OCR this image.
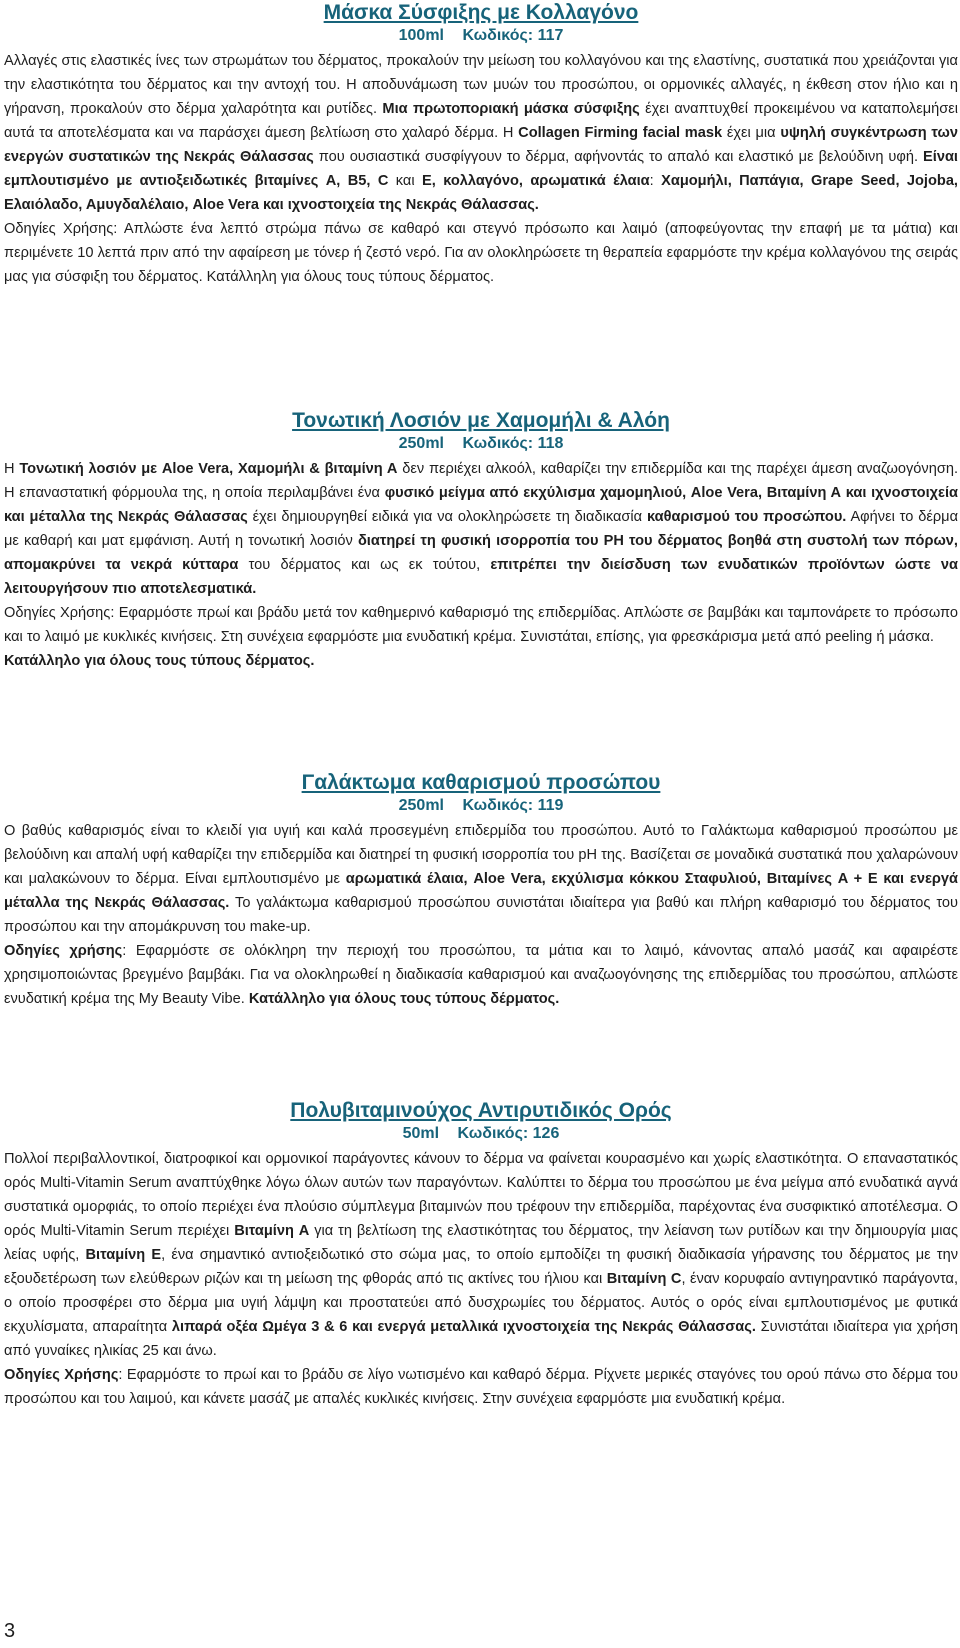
Μάσκα Σύσφιξης με Κολλαγόνο
100ml Κωδικός: 117

Αλλαγές στις ελαστικές ίνες των στρωμάτων του δέρματος, προκαλούν την μείωση του κολλαγόνου και της ελαστίνης, συστατικά που χρειάζονται για την ελαστικότητα του δέρματος και την αντοχή του. Η αποδυνάμωση των μυών του προσώπου, οι ορμονικές αλλαγές, η έκθεση στον ήλιο και η γήρανση, προκαλούν στο δέρμα χαλαρότητα και ρυτίδες. Μια πρωτοποριακή μάσκα σύσφιξης έχει αναπτυχθεί προκειμένου να καταπολεμήσει αυτά τα αποτελέσματα και να παράσχει άμεση βελτίωση στο χαλαρό δέρμα. Η Collagen Firming facial mask έχει μια υψηλή συγκέντρωση των ενεργών συστατικών της Νεκράς Θάλασσας που ουσιαστικά συσφίγγουν το δέρμα, αφήνοντάς το απαλό και ελαστικό με βελούδινη υφή. Είναι εμπλουτισμένο με αντιοξειδωτικές βιταμίνες A, B5, C και E, κολλαγόνο, αρωματικά έλαια: Χαμομήλι, Παπάγια, Grape Seed, Jojoba, Ελαιόλαδο, Αμυγδαλέλαιο, Aloe Vera και ιχνοστοιχεία της Νεκράς Θάλασσας.

Οδηγίες Χρήσης: Απλώστε ένα λεπτό στρώμα πάνω σε καθαρό και στεγνό πρόσωπο και λαιμό (αποφεύγοντας την επαφή με τα μάτια) και περιμένετε 10 λεπτά πριν από την αφαίρεση με τόνερ ή ζεστό νερό. Για αν ολοκληρώσετε τη θεραπεία εφαρμόστε την κρέμα κολλαγόνου της σειράς μας για σύσφιξη του δέρματος. Κατάλληλη για όλους τους τύπους δέρματος.

Τονωτική Λοσιόν με Χαμομήλι & Αλόη
250ml Κωδικός: 118

Η Τονωτική λοσιόν με Aloe Vera, Χαμομήλι & βιταμίνη Α δεν περιέχει αλκοόλ, καθαρίζει την επιδερμίδα και της παρέχει άμεση αναζωογόνηση. Η επαναστατική φόρμουλα της, η οποία περιλαμβάνει ένα φυσικό μείγμα από εκχύλισμα χαμομηλιού, Aloe Vera, Βιταμίνη Α και ιχνοστοιχεία και μέταλλα της Νεκράς Θάλασσας έχει δημιουργηθεί ειδικά για να ολοκληρώσετε τη διαδικασία καθαρισμού του προσώπου. Αφήνει το δέρμα με καθαρή και ματ εμφάνιση. Αυτή η τονωτική λοσιόν διατηρεί τη φυσική ισορροπία του PH του δέρματος βοηθά στη συστολή των πόρων, απομακρύνει τα νεκρά κύτταρα του δέρματος και ως εκ τούτου, επιτρέπει την διείσδυση των ενυδατικών προϊόντων ώστε να λειτουργήσουν πιο αποτελεσματικά.

Οδηγίες Χρήσης: Εφαρμόστε πρωί και βράδυ μετά τον καθημερινό καθαρισμό της επιδερμίδας. Απλώστε σε βαμβάκι και ταμπονάρετε το πρόσωπο και το λαιμό με κυκλικές κινήσεις. Στη συνέχεια εφαρμόστε μια ενυδατική κρέμα. Συνιστάται, επίσης, για φρεσκάρισμα μετά από peeling ή μάσκα.
Κατάλληλο για όλους τους τύπους δέρματος.

Γαλάκτωμα καθαρισμού προσώπου
250ml Κωδικός: 119

Ο βαθύς καθαρισμός είναι το κλειδί για υγιή και καλά προσεγμένη επιδερμίδα του προσώπου. Αυτό το Γαλάκτωμα καθαρισμού προσώπου με βελούδινη και απαλή υφή καθαρίζει την επιδερμίδα και διατηρεί τη φυσική ισορροπία του pH της. Βασίζεται σε μοναδικά συστατικά που χαλαρώνουν και μαλακώνουν το δέρμα. Είναι εμπλουτισμένο με αρωματικά έλαια, Aloe Vera, εκχύλισμα κόκκου Σταφυλιού, Βιταμίνες A + E και ενεργά μέταλλα της Νεκράς Θάλασσας. Το γαλάκτωμα καθαρισμού προσώπου συνιστάται ιδιαίτερα για βαθύ και πλήρη καθαρισμό του δέρματος του προσώπου και την απομάκρυνση του make-up.

Οδηγίες χρήσης: Εφαρμόστε σε ολόκληρη την περιοχή του προσώπου, τα μάτια και το λαιμό, κάνοντας απαλό μασάζ και αφαιρέστε χρησιμοποιώντας βρεγμένο βαμβάκι. Για να ολοκληρωθεί η διαδικασία καθαρισμού και αναζωογόνησης της επιδερμίδας του προσώπου, απλώστε ενυδατική κρέμα της My Beauty Vibe. Κατάλληλο για όλους τους τύπους δέρματος.

Πολυβιταμινούχος Αντιρυτιδικός Ορός
50ml Κωδικός: 126

Πολλοί περιβαλλοντικοί, διατροφικοί και ορμονικοί παράγοντες κάνουν το δέρμα να φαίνεται κουρασμένο και χωρίς ελαστικότητα. Ο επαναστατικός ορός Multi-Vitamin Serum αναπτύχθηκε λόγω όλων αυτών των παραγόντων. Καλύπτει το δέρμα του προσώπου με ένα μείγμα από ενυδατικά αγνά συστατικά ομορφιάς, το οποίο περιέχει ένα πλούσιο σύμπλεγμα βιταμινών που τρέφουν την επιδερμίδα, παρέχοντας ένα συσφικτικό αποτέλεσμα. Ο ορός Multi-Vitamin Serum περιέχει Βιταμίνη A για τη βελτίωση της ελαστικότητας του δέρματος, την λείανση των ρυτίδων και την δημιουργία μιας λείας υφής, Βιταμίνη E, ένα σημαντικό αντιοξειδωτικό στο σώμα μας, το οποίο εμποδίζει τη φυσική διαδικασία γήρανσης του δέρματος με την εξουδετέρωση των ελεύθερων ριζών και τη μείωση της φθοράς από τις ακτίνες του ήλιου και Βιταμίνη C, έναν κορυφαίο αντιγηραντικό παράγοντα, ο οποίο προσφέρει στο δέρμα μια υγιή λάμψη και προστατεύει από δυσχρωμίες του δέρματος. Αυτός ο ορός είναι εμπλουτισμένος με φυτικά εκχυλίσματα, απαραίτητα λιπαρά οξέα Ωμέγα 3 & 6 και ενεργά μεταλλικά ιχνοστοιχεία της Νεκράς Θάλασσας. Συνιστάται ιδιαίτερα για χρήση από γυναίκες ηλικίας 25 και άνω.

Οδηγίες Χρήσης: Εφαρμόστε το πρωί και το βράδυ σε λίγο νωτισμένο και καθαρό δέρμα. Ρίχνετε μερικές σταγόνες του ορού πάνω στο δέρμα του προσώπου και του λαιμού, και κάνετε μασάζ με απαλές κυκλικές κινήσεις. Στην συνέχεια εφαρμόστε μια ενυδατική κρέμα.

3
